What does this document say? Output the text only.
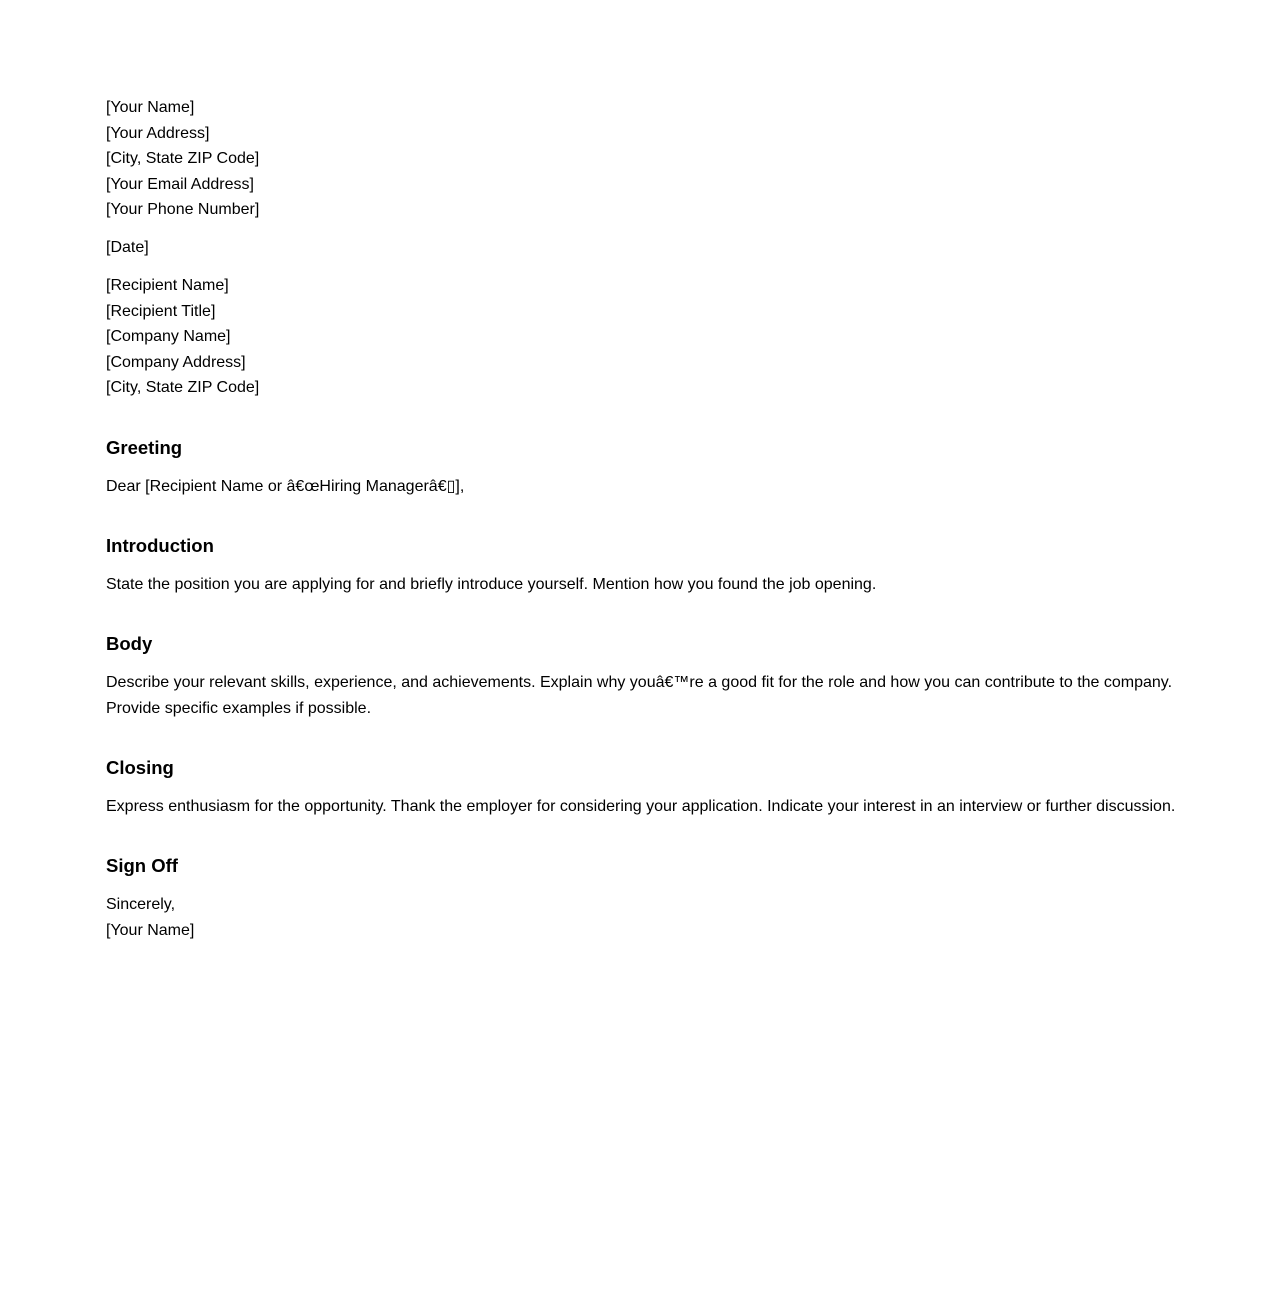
[Your Name]
[Your Address]
[City, State ZIP Code]
[Your Email Address]
[Your Phone Number]
[Date]
[Recipient Name]
[Recipient Title]
[Company Name]
[Company Address]
[City, State ZIP Code]
Greeting

Dear [Recipient Name or â€œHiring Managerâ€▯],

Introduction

State the position you are applying for and briefly introduce yourself. Mention how you found the job opening.

Body

Describe your relevant skills, experience, and achievements. Explain why youâ€™re a good fit for the role and how you can contribute to the company. Provide specific examples if possible.

Closing

Express enthusiasm for the opportunity. Thank the employer for considering your application. Indicate your interest in an interview or further discussion.

Sign Off

Sincerely,
[Your Name]
